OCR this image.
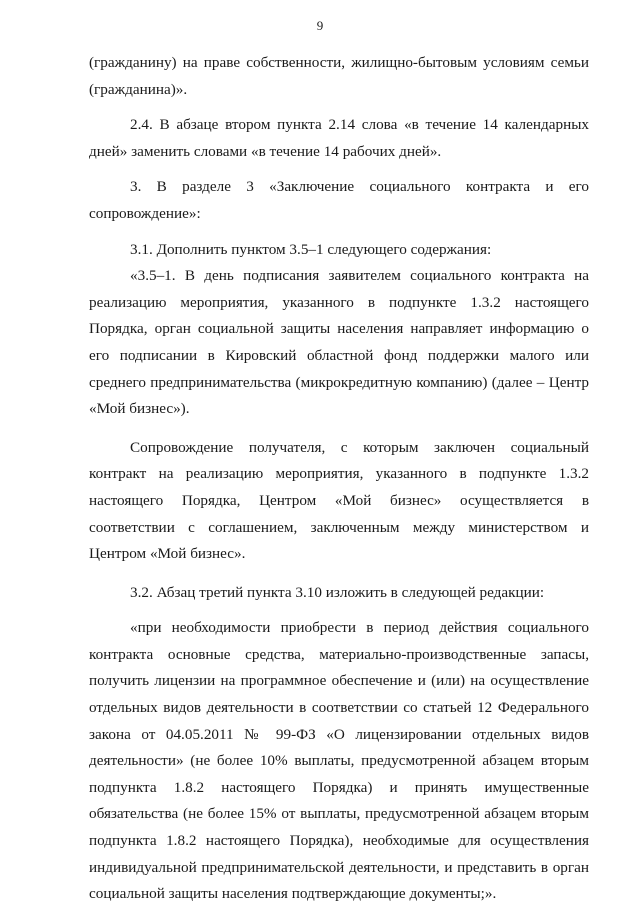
9

(гражданину) на праве собственности, жилищно-бытовым условиям семьи (гражданина)».

2.4. В абзаце втором пункта 2.14 слова «в течение 14 календарных дней» заменить словами «в течение 14 рабочих дней».

3. В разделе 3 «Заключение социального контракта и его сопровождение»:

3.1. Дополнить пунктом 3.5–1 следующего содержания:

«3.5–1. В день подписания заявителем социального контракта на реализацию мероприятия, указанного в подпункте 1.3.2 настоящего Порядка, орган социальной защиты населения направляет информацию о его подписании в Кировский областной фонд поддержки малого или среднего предпринимательства (микрокредитную компанию) (далее – Центр «Мой бизнес»).

Сопровождение получателя, с которым заключен социальный контракт на реализацию мероприятия, указанного в подпункте 1.3.2 настоящего Порядка, Центром «Мой бизнес» осуществляется в соответствии с соглашением, заключенным между министерством и Центром «Мой бизнес».

3.2. Абзац третий пункта 3.10 изложить в следующей редакции:

«при необходимости приобрести в период действия социального контракта основные средства, материально-производственные запасы, получить лицензии на программное обеспечение и (или) на осуществление отдельных видов деятельности в соответствии со статьей 12 Федерального закона от 04.05.2011 № 99-ФЗ «О лицензировании отдельных видов деятельности» (не более 10% выплаты, предусмотренной абзацем вторым подпункта 1.8.2 настоящего Порядка) и принять имущественные обязательства (не более 15% от выплаты, предусмотренной абзацем вторым подпункта 1.8.2 настоящего Порядка), необходимые для осуществления индивидуальной предпринимательской деятельности, и представить в орган социальной защиты населения подтверждающие документы;».
